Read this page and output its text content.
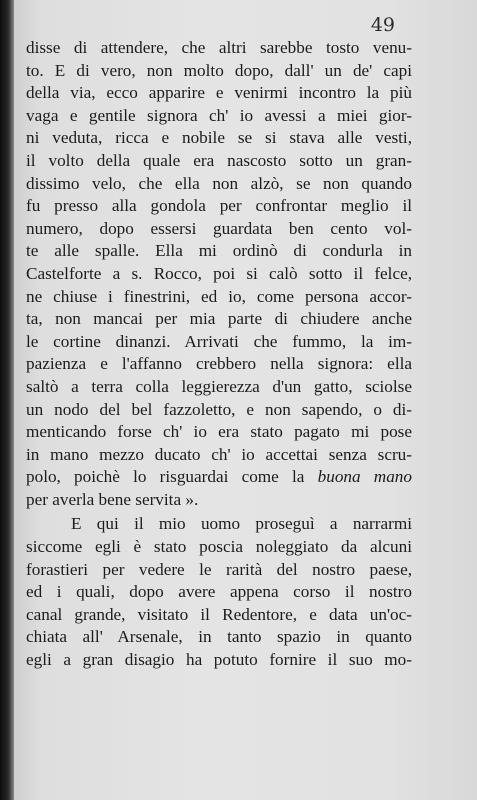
49
disse di attendere, che altri sarebbe tosto venu-
to. E di vero, non molto dopo, dall' un de' capi
della via, ecco apparire e venirmi incontro la più
vaga e gentile signora ch' io avessi a miei gior-
ni veduta, ricca e nobile se si stava alle vesti,
il volto della quale era nascosto sotto un gran-
dissimo velo, che ella non alzò, se non quando
fu presso alla gondola per confrontar meglio il
numero, dopo essersi guardata ben cento vol-
te alle spalle. Ella mi ordinò di condurla in
Castelforte a s. Rocco, poi si calò sotto il felce,
ne chiuse i finestrini, ed io, come persona accor-
ta, non mancai per mia parte di chiudere anche
le cortine dinanzi. Arrivati che fummo, la im-
pazienza e l'affanno crebbero nella signora: ella
saltò a terra colla leggierezza d'un gatto, sciolse
un nodo del bel fazzoletto, e non sapendo, o di-
menticando forse ch' io era stato pagato mi pose
in mano mezzo ducato ch' io accettai senza scru-
polo, poichè lo risguardai come la buona mano
per averla bene servita ».
E qui il mio uomo proseguì a narrarmi
siccome egli è stato poscia noleggiato da alcuni
forastieri per vedere le rarità del nostro paese,
ed i quali, dopo avere appena corso il nostro
canal grande, visitato il Redentore, e data un'oc-
chiata all' Arsenale, in tanto spazio in quanto
egli a gran disagio ha potuto fornire il suo mo-
